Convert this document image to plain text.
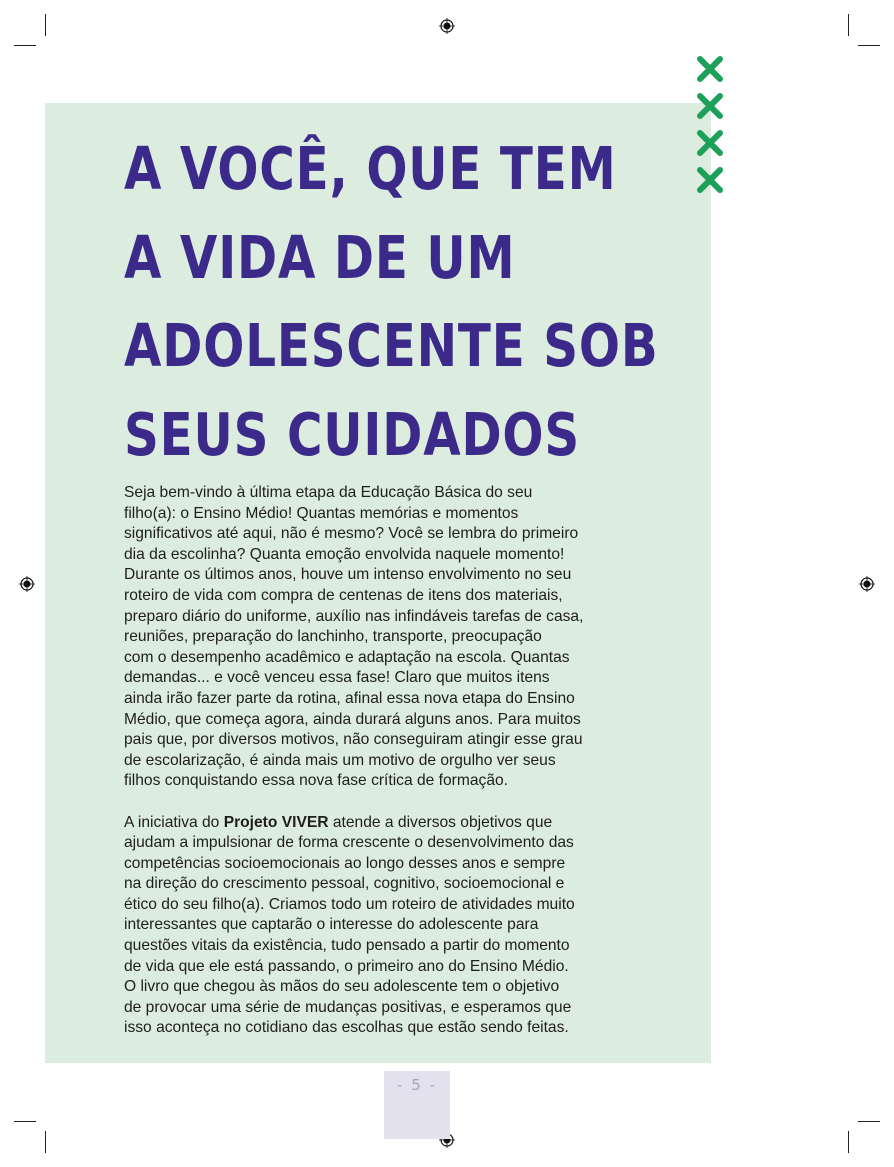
A VOCÊ, QUE TEM
A VIDA DE UM
ADOLESCENTE SOB
SEUS CUIDADOS
Seja bem-vindo à última etapa da Educação Básica do seu
filho(a): o Ensino Médio! Quantas memórias e momentos
significativos até aqui, não é mesmo? Você se lembra do primeiro
dia da escolinha? Quanta emoção envolvida naquele momento!
Durante os últimos anos, houve um intenso envolvimento no seu
roteiro de vida com compra de centenas de itens dos materiais,
preparo diário do uniforme, auxílio nas infindáveis tarefas de casa,
reuniões, preparação do lanchinho, transporte, preocupação
com o desempenho acadêmico e adaptação na escola. Quantas
demandas... e você venceu essa fase! Claro que muitos itens
ainda irão fazer parte da rotina, afinal essa nova etapa do Ensino
Médio, que começa agora, ainda durará alguns anos. Para muitos
pais que, por diversos motivos, não conseguiram atingir esse grau
de escolarização, é ainda mais um motivo de orgulho ver seus
filhos conquistando essa nova fase crítica de formação.
A iniciativa do Projeto VIVER atende a diversos objetivos que
ajudam a impulsionar de forma crescente o desenvolvimento das
competências socioemocionais ao longo desses anos e sempre
na direção do crescimento pessoal, cognitivo, socioemocional e
ético do seu filho(a). Criamos todo um roteiro de atividades muito
interessantes que captarão o interesse do adolescente para
questões vitais da existência, tudo pensado a partir do momento
de vida que ele está passando, o primeiro ano do Ensino Médio.
O livro que chegou às mãos do seu adolescente tem o objetivo
de provocar uma série de mudanças positivas, e esperamos que
isso aconteça no cotidiano das escolhas que estão sendo feitas.
- 5 -
